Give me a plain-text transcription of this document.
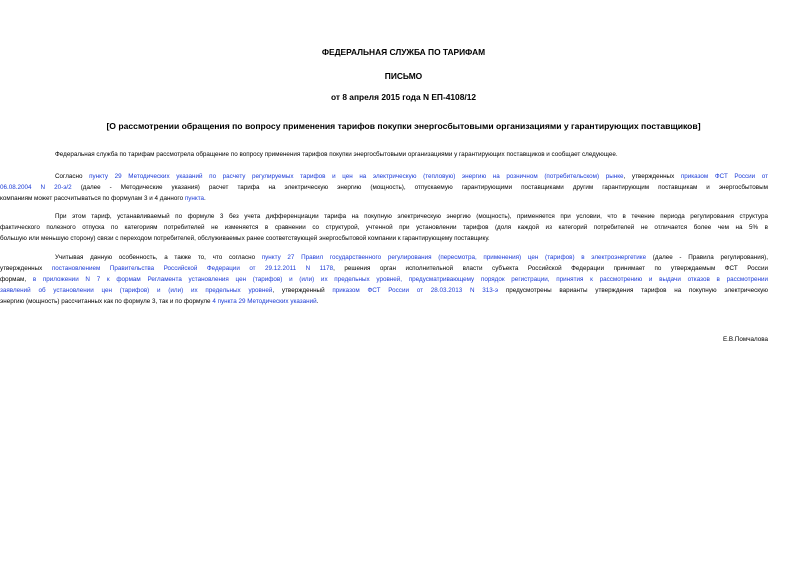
ФЕДЕРАЛЬНАЯ СЛУЖБА ПО ТАРИФАМ
ПИСЬМО
от 8 апреля 2015 года N ЕП-4108/12
[О рассмотрении обращения по вопросу применения тарифов покупки энергосбытовыми организациями у гарантирующих поставщиков]
Федеральная служба по тарифам рассмотрела обращение по вопросу применения тарифов покупки энергосбытовыми организациями у гарантирующих поставщиков и сообщает следующее.
Согласно пункту 29 Методических указаний по расчету регулируемых тарифов и цен на электрическую (тепловую) энергию на розничном (потребительском) рынке, утвержденных приказом ФСТ России от
06.08.2004 N 20-э/2 (далее - Методические указания) расчет тарифа на электрическую энергию (мощность), отпускаемую гарантирующими поставщиками другим гарантирующим поставщикам и энергосбытовым
компаниям может рассчитываться по формулам 3 и 4 данного пункта.
При этом тариф, устанавливаемый по формуле 3 без учета дифференциации тарифа на покупную электрическую энергию (мощность), применяется при условии, что в течение периода регулирования структура
фактического полезного отпуска по категориям потребителей не изменяется в сравнении со структурой, учтенной при установлении тарифов (доля каждой из категорий потребителей не отличается более чем на 5% в
большую или меньшую сторону) связи с переходом потребителей, обслуживаемых ранее соответствующей энергосбытовой компании к гарантирующему поставщику.
Учитывая данную особенность, а также то, что согласно пункту 27 Правил государственного регулирования (пересмотра, применения) цен (тарифов) в электроэнергетике (далее - Правила регулирования),
утвержденных постановлением Правительства Российской Федерации от 29.12.2011 N 1178, решения орган исполнительной власти субъекта Российской Федерации принимает по утверждаемым ФСТ России
формам, в приложении N 7 к формам Регламента установления цен (тарифов) и (или) их предельных уровней, предусматривающему порядок регистрации, принятия к рассмотрению и выдачи отказов в рассмотрении
заявлений об установлении цен (тарифов) и (или) их предельных уровней, утвержденный приказом ФСТ России от 28.03.2013 N 313-э предусмотрены варианты утверждения тарифов на покупную электрическую
энергию (мощность) рассчитанных как по формуле 3, так и по формуле 4 пункта 29 Методических указаний.
Е.В.Помчалова
